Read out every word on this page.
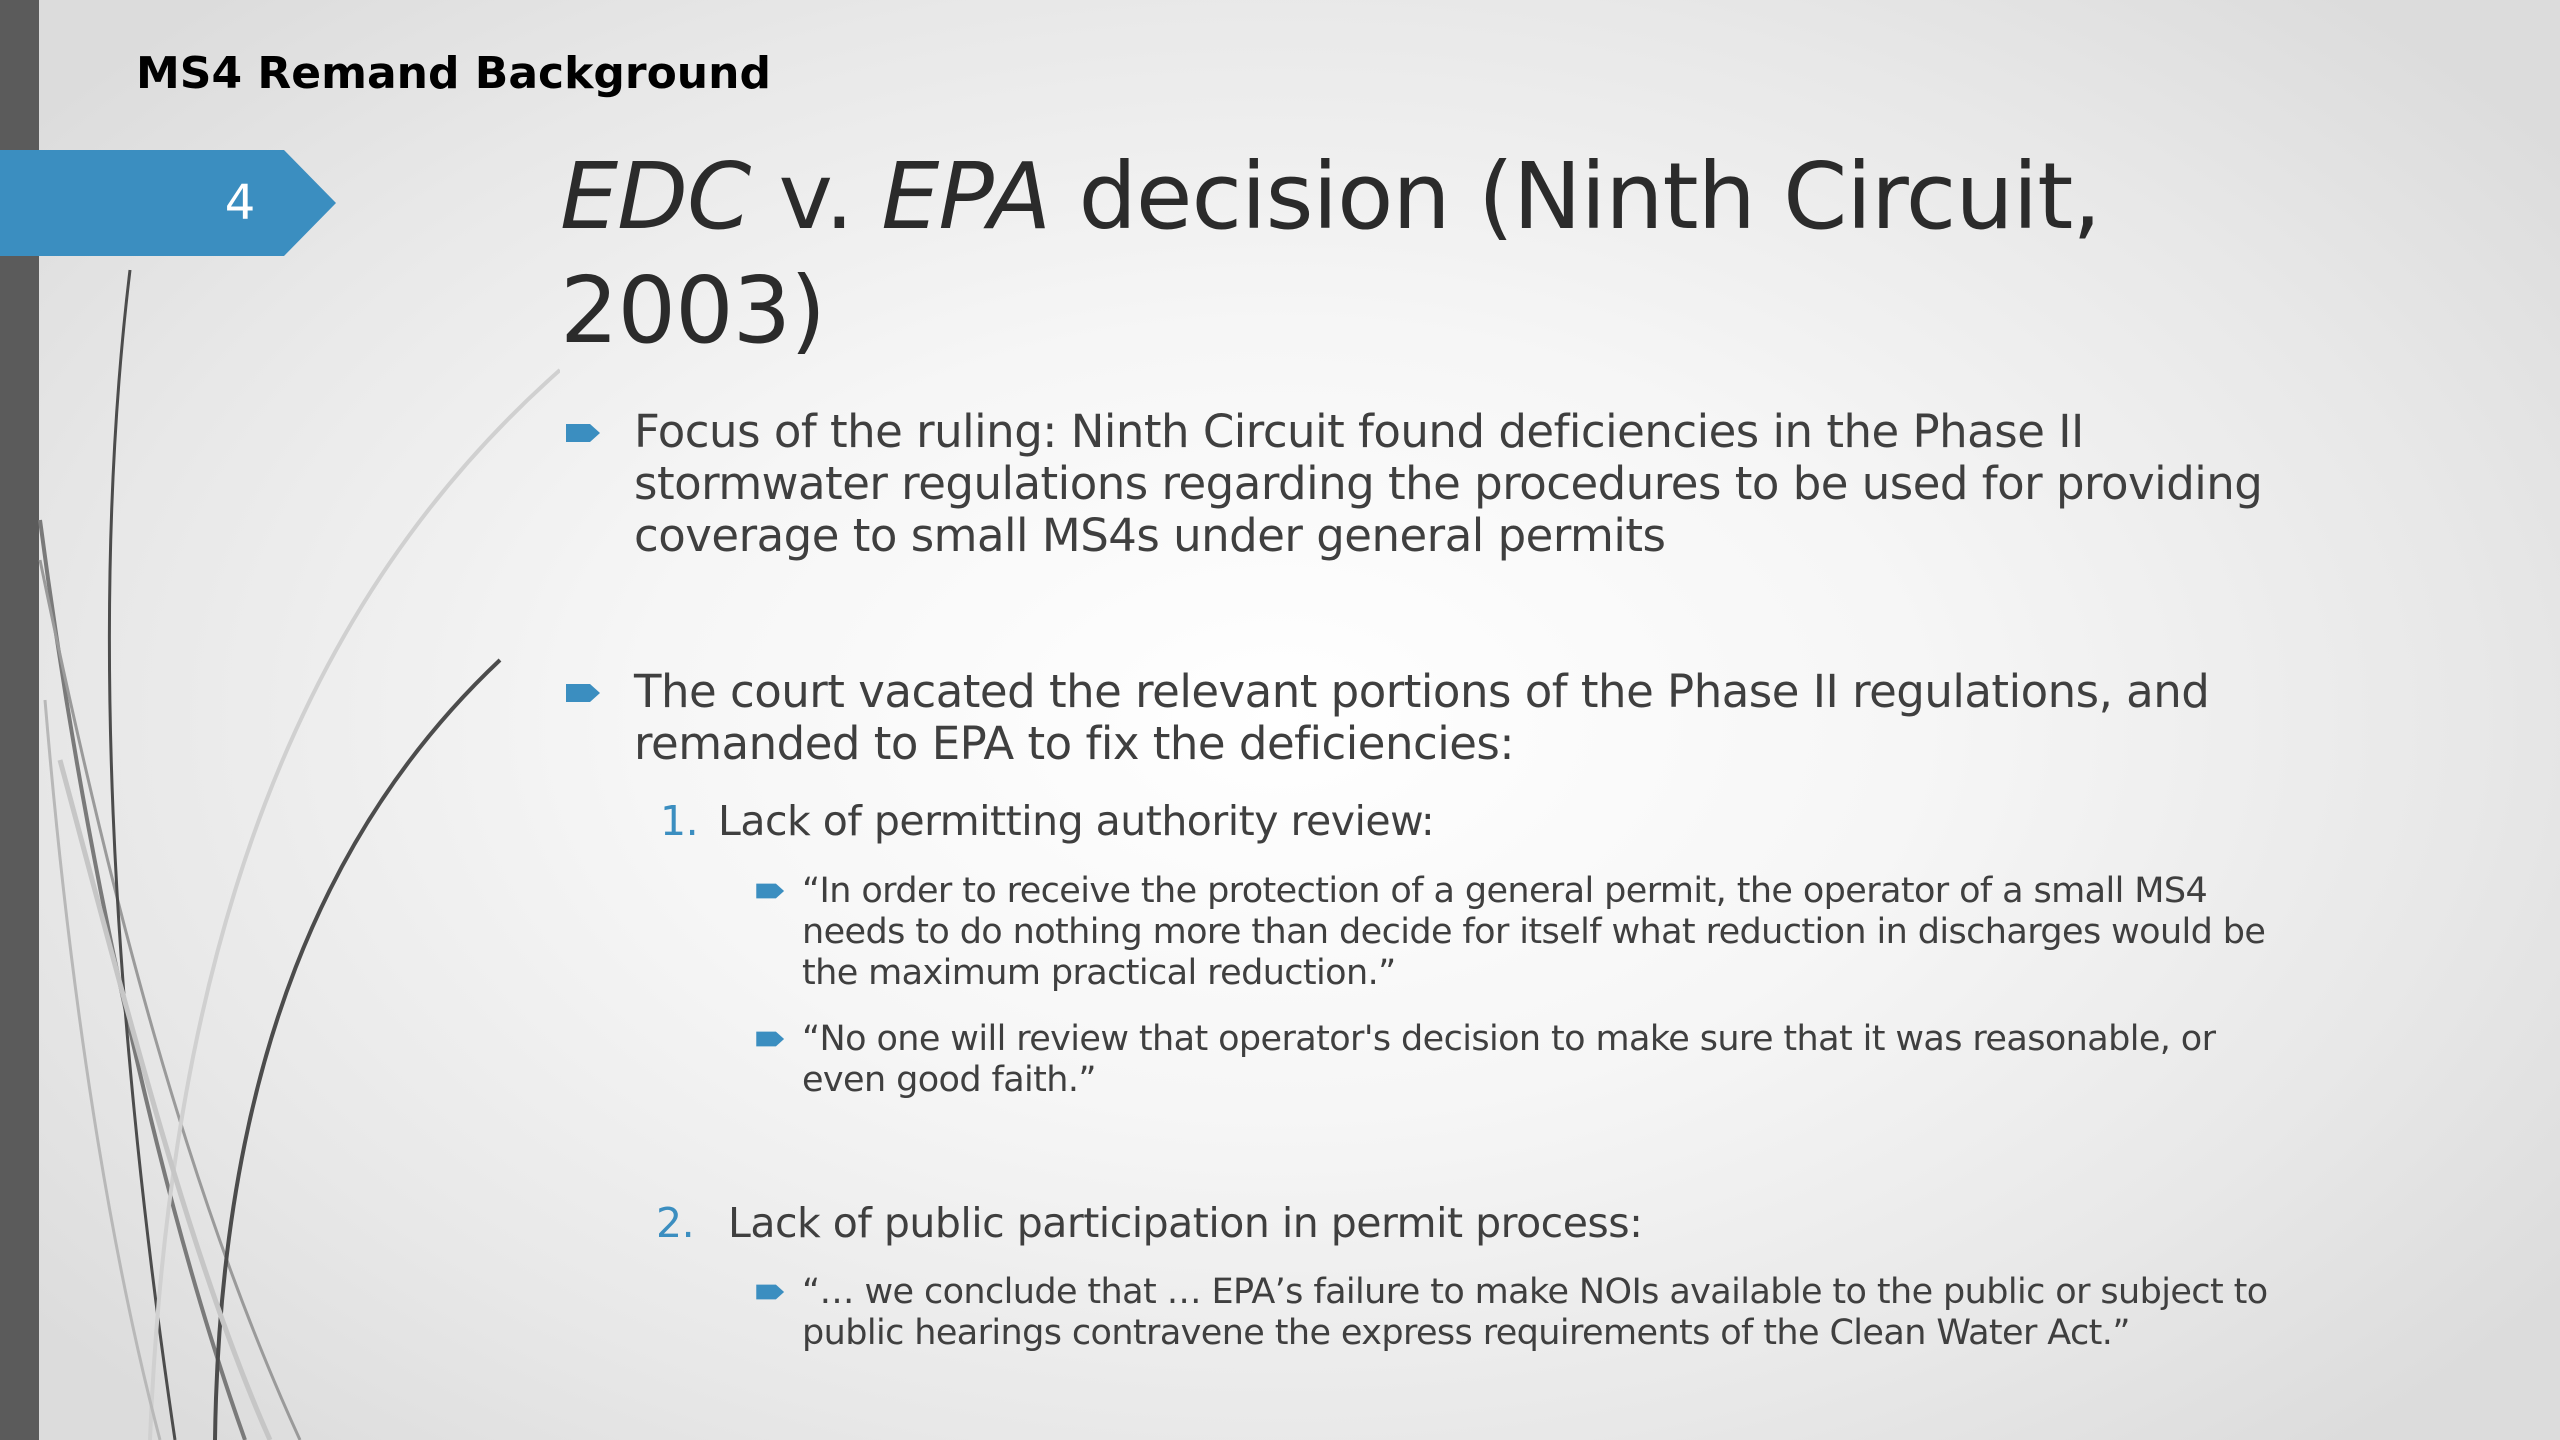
MS4 Remand Background
4	EDC v. EPA decision (Ninth Circuit,
2003)
Focus of the ruling: Ninth Circuit found deficiencies in the Phase II
stormwater regulations regarding the procedures to be used for providing
coverage to small MS4s under general permits
The court vacated the relevant portions of the Phase II regulations, and
remanded to EPA to fix the deficiencies:
1. Lack of permitting authority review:
“In order to receive the protection of a general permit, the operator of a small MS4
needs to do nothing more than decide for itself what reduction in discharges would be
the maximum practical reduction.”
“No one will review that operator's decision to make sure that it was reasonable, or
even good faith.”
2. Lack of public participation in permit process:
“… we conclude that … EPA’s failure to make NOIs available to the public or subject to
public hearings contravene the express requirements of the Clean Water Act.”
